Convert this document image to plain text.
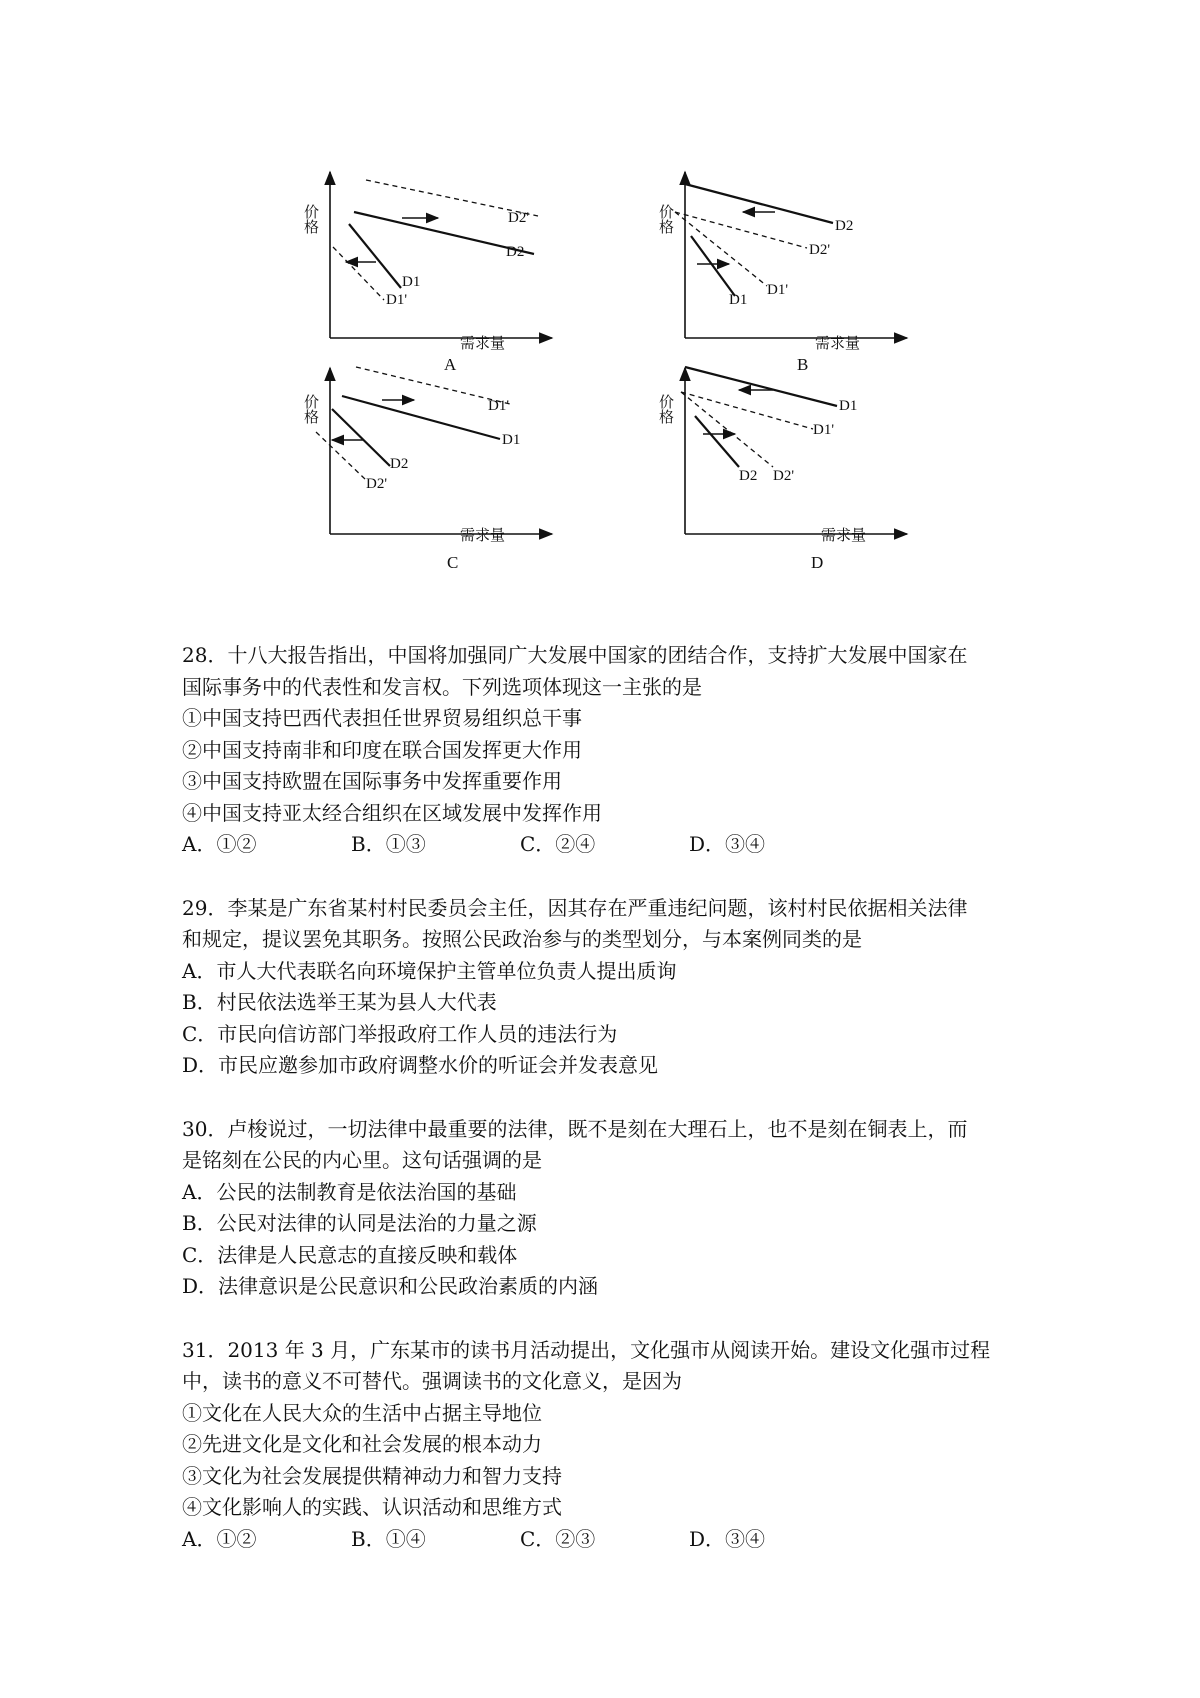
价格
需求量
D2'
D2
D1
D1'
A
价格
需求量
D2
D2'
D1'
D1
B
价格
需求量
D1'
D1
D2
D2'
C
价格
需求量
D1
D1'
D2 D2'
D
28．十八大报告指出，中国将加强同广大发展中国家的团结合作，支持扩大发展中国家在
国际事务中的代表性和发言权。下列选项体现这一主张的是
①中国支持巴西代表担任世界贸易组织总干事
②中国支持南非和印度在联合国发挥更大作用
③中国支持欧盟在国际事务中发挥重要作用
④中国支持亚太经合组织在区域发展中发挥作用
A．①②	B．①③	C．②④	D．③④
29．李某是广东省某村村民委员会主任，因其存在严重违纪问题，该村村民依据相关法律
和规定，提议罢免其职务。按照公民政治参与的类型划分，与本案例同类的是
A．市人大代表联名向环境保护主管单位负责人提出质询
B．村民依法选举王某为县人大代表
C．市民向信访部门举报政府工作人员的违法行为
D．市民应邀参加市政府调整水价的听证会并发表意见
30．卢梭说过，一切法律中最重要的法律，既不是刻在大理石上，也不是刻在铜表上，而
是铭刻在公民的内心里。这句话强调的是
A．公民的法制教育是依法治国的基础
B．公民对法律的认同是法治的力量之源
C．法律是人民意志的直接反映和载体
D．法律意识是公民意识和公民政治素质的内涵
31．2013 年 3 月，广东某市的读书月活动提出，文化强市从阅读开始。建设文化强市过程
中，读书的意义不可替代。强调读书的文化意义，是因为
①文化在人民大众的生活中占据主导地位
②先进文化是文化和社会发展的根本动力
③文化为社会发展提供精神动力和智力支持
④文化影响人的实践、认识活动和思维方式
A．①②	B．①④	C．②③	D．③④
